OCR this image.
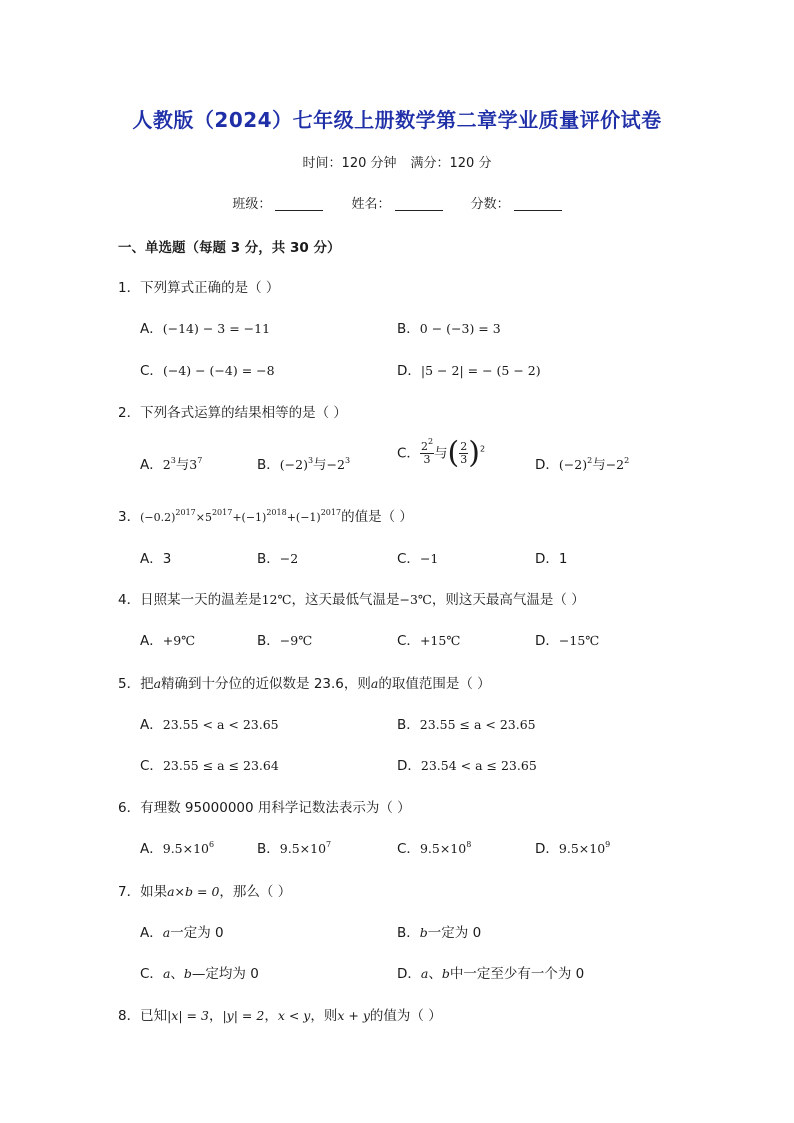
人教版（2024）七年级上册数学第二章学业质量评价试卷
时间：120 分钟 满分：120 分
班级：	姓名：	分数：
一、单选题（每题 3 分，共 30 分）
1．下列算式正确的是（ ）
A．(−14) − 3 = −11	B．0 − (−3) = 3
C．(−4) − (−4) = −8	D．|5 − 2| = − (5 − 2)
2．下列各式运算的结果相等的是（ ）
A．$2^3$与$3^7$	B．$(-2)^3$与$-2^3$	C． $\frac{2^2}{3}$ 与( $\frac{2}{3} )^2$
D．$(-2)^2$与$-2^2$
3．$(-0.2)^{2017}\times 5^{2017}+(-1)^{2018}+(-1)^{2017}$的值是（ ）
A．3	B．−2	C．−1	D．1
4．日照某一天的温差是12℃，这天最低气温是−3℃，则这天最高气温是（ ）
A．+9℃	B．−9℃	C．+15℃	D．−15℃
5．把a精确到十分位的近似数是 23.6，则a的取值范围是（ ）
A．23.55 < a < 23.65	B．23.55 ≤ a < 23.65
C．23.55 ≤ a ≤ 23.64	D．23.54 < a ≤ 23.65
6．有理数 95000000 用科学记数法表示为（ ）
A．$9.5\times 10^6$	B．$9.5\times 10^7$	C．$9.5\times 10^8$	D．$9.5\times 10^9$
7．如果a×b = 0，那么（ ）
A．a一定为 0	B．b一定为 0
C．a、b—定均为 0	D．a、b中一定至少有一个为 0
8．已知|x| = 3，|y| = 2，x < y，则x + y的值为（ ）
